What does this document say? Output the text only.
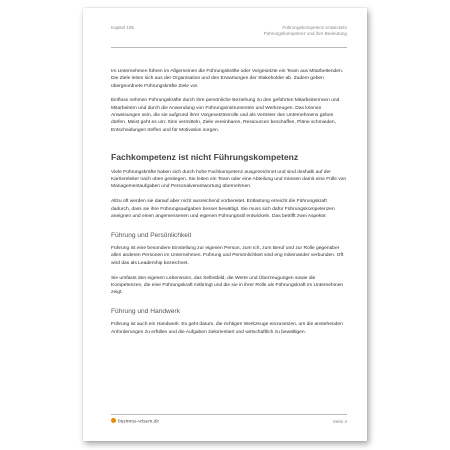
Kapitel 105	Führungskompetenz entwickeln
Führungskompetenz und ihre Bedeutung

Im Unternehmen führen im Allgemeinen die Führungskräfte oder Vorgesetzte ein Team aus Mitarbeitenden. Die Ziele leiten sich aus der Organisation und den Erwartungen der Stakeholder ab. Zudem geben übergeordnete Führungskräfte Ziele vor.

Einfluss nehmen Führungskräfte durch ihre persönliche Beziehung zu den geführten Mitarbeiterinnen und Mitarbeitern und durch die Anwendung von Führungsinstrumenten und Werkzeugen. Das können Anweisungen sein, die sie aufgrund ihrer Vorgesetztenrolle und als Vertreter des Unternehmens geben dürfen. Meist geht es um: Sinn vermitteln, Ziele vereinbaren, Ressourcen beschaffen, Pläne schmieden, Entscheidungen treffen und für Motivation sorgen.

Fachkompetenz ist nicht Führungskompetenz

Viele Führungskräfte haben sich durch hohe Fachkompetenz ausgezeichnet und sind deshalb auf der Karriereleiter nach oben gestiegen. Sie leiten ein Team oder eine Abteilung und müssen damit eine Fülle von Managementaufgaben und Personalverantwortung übernehmen.

Allzu oft werden sie darauf aber nicht ausreichend vorbereitet. Entlastung erreicht die Führungskraft dadurch, dass sie ihre Führungsaufgaben besser bewältigt. Sie muss sich dafür Führungskompetenzen aneignen und einen angemessenen und eigenen Führungsstil entwickeln. Das betrifft zwei Aspekte:

Führung und Persönlichkeit

Führung ist eine besondere Einstellung zur eigenen Person, zum Ich, zum Beruf und zur Rolle gegenüber allen anderen Personen im Unternehmen. Führung und Persönlichkeit sind eng miteinander verbunden. Oft wird das als Leadership bezeichnet.

Sie umfasst den eigenen Lebenssinn, das Selbstbild, die Werte und Überzeugungen sowie die Kompetenzen, die eine Führungskraft mitbringt und die sie in ihrer Rolle als Führungskraft im Unternehmen zeigt.

Führung und Handwerk

Führung ist auch ein Handwerk. Es geht darum, die richtigen Werkzeuge einzusetzen, um die anstehenden Anforderungen zu erfüllen und die Aufgaben zielorientiert und wirtschaftlich zu bewältigen.

business-wissen.de	Seite 3
